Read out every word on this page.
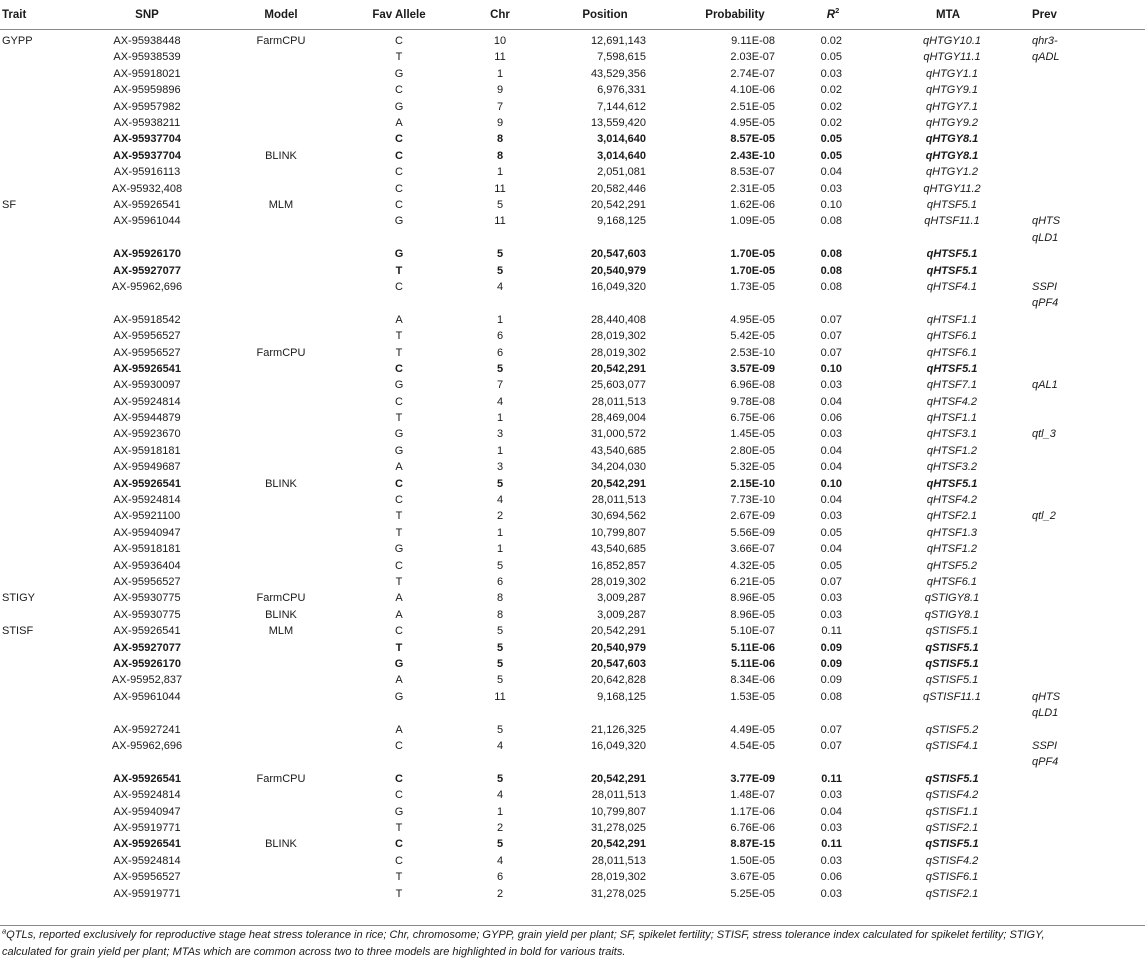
Trait	SNP	Model	Fav Allele	Chr	Position	Probability	$R^2$	MTA	Prev
GYPP	AX-95938448	FarmCPU	C	10	12,691,143	9.11E-08	0.02	qHTGY10.1	qhr3-
	AX-95938539		T	11	7,598,615	2.03E-07	0.05	qHTGY11.1	qADL
	AX-95918021		G	1	43,529,356	2.74E-07	0.03	qHTGY1.1	
	AX-95959896		C	9	6,976,331	4.10E-06	0.02	qHTGY9.1	
	AX-95957982		G	7	7,144,612	2.51E-05	0.02	qHTGY7.1	
	AX-95938211		A	9	13,559,420	4.95E-05	0.02	qHTGY9.2	
	AX-95937704		C	8	3,014,640	8.57E-05	0.05	qHTGY8.1	
	AX-95937704	BLINK	C	8	3,014,640	2.43E-10	0.05	qHTGY8.1	
	AX-95916113		C	1	2,051,081	8.53E-07	0.04	qHTGY1.2	
	AX-95932,408		C	11	20,582,446	2.31E-05	0.03	qHTGY11.2	
SF	AX-95926541	MLM	C	5	20,542,291	1.62E-06	0.10	qHTSF5.1	
	AX-95961044		G	11	9,168,125	1.09E-05	0.08	qHTSF11.1	qHTS
qLD1
	AX-95926170		G	5	20,547,603	1.70E-05	0.08	qHTSF5.1	
	AX-95927077		T	5	20,540,979	1.70E-05	0.08	qHTSF5.1	
	AX-95962,696		C	4	16,049,320	1.73E-05	0.08	qHTSF4.1	SSPI
qPF4
	AX-95918542		A	1	28,440,408	4.95E-05	0.07	qHTSF1.1	
	AX-95956527		T	6	28,019,302	5.42E-05	0.07	qHTSF6.1	
	AX-95956527	FarmCPU	T	6	28,019,302	2.53E-10	0.07	qHTSF6.1	
	AX-95926541		C	5	20,542,291	3.57E-09	0.10	qHTSF5.1	
	AX-95930097		G	7	25,603,077	6.96E-08	0.03	qHTSF7.1	qAL1
	AX-95924814		C	4	28,011,513	9.78E-08	0.04	qHTSF4.2	
	AX-95944879		T	1	28,469,004	6.75E-06	0.06	qHTSF1.1	
	AX-95923670		G	3	31,000,572	1.45E-05	0.03	qHTSF3.1	qtl_3
	AX-95918181		G	1	43,540,685	2.80E-05	0.04	qHTSF1.2	
	AX-95949687		A	3	34,204,030	5.32E-05	0.04	qHTSF3.2	
	AX-95926541	BLINK	C	5	20,542,291	2.15E-10	0.10	qHTSF5.1	
	AX-95924814		C	4	28,011,513	7.73E-10	0.04	qHTSF4.2	
	AX-95921100		T	2	30,694,562	2.67E-09	0.03	qHTSF2.1	qtl_2
	AX-95940947		T	1	10,799,807	5.56E-09	0.05	qHTSF1.3	
	AX-95918181		G	1	43,540,685	3.66E-07	0.04	qHTSF1.2	
	AX-95936404		C	5	16,852,857	4.32E-05	0.05	qHTSF5.2	
	AX-95956527		T	6	28,019,302	6.21E-05	0.07	qHTSF6.1	
STIGY	AX-95930775	FarmCPU	A	8	3,009,287	8.96E-05	0.03	qSTIGY8.1	
	AX-95930775	BLINK	A	8	3,009,287	8.96E-05	0.03	qSTIGY8.1	
STISF	AX-95926541	MLM	C	5	20,542,291	5.10E-07	0.11	qSTISF5.1	
	AX-95927077		T	5	20,540,979	5.11E-06	0.09	qSTISF5.1	
	AX-95926170		G	5	20,547,603	5.11E-06	0.09	qSTISF5.1	
	AX-95952,837		A	5	20,642,828	8.34E-06	0.09	qSTISF5.1	
	AX-95961044		G	11	9,168,125	1.53E-05	0.08	qSTISF11.1	qHTS
qLD1
	AX-95927241		A	5	21,126,325	4.49E-05	0.07	qSTISF5.2	
	AX-95962,696		C	4	16,049,320	4.54E-05	0.07	qSTISF4.1	SSPI
qPF4
	AX-95926541	FarmCPU	C	5	20,542,291	3.77E-09	0.11	qSTISF5.1	
	AX-95924814		C	4	28,011,513	1.48E-07	0.03	qSTISF4.2	
	AX-95940947		G	1	10,799,807	1.17E-06	0.04	qSTISF1.1	
	AX-95919771		T	2	31,278,025	6.76E-06	0.03	qSTISF2.1	
	AX-95926541	BLINK	C	5	20,542,291	8.87E-15	0.11	qSTISF5.1	
	AX-95924814		C	4	28,011,513	1.50E-05	0.03	qSTISF4.2	
	AX-95956527		T	6	28,019,302	3.67E-05	0.06	qSTISF6.1	
	AX-95919771		T	2	31,278,025	5.25E-05	0.03	qSTISF2.1	
$^a$QTLs, reported exclusively for reproductive stage heat stress tolerance in rice; Chr, chromosome; GYPP, grain yield per plant; SF, spikelet fertility; STISF, stress tolerance index calculated for spikelet fertility; STIGY,
calculated for grain yield per plant; MTAs which are common across two to three models are highlighted in bold for various traits.
